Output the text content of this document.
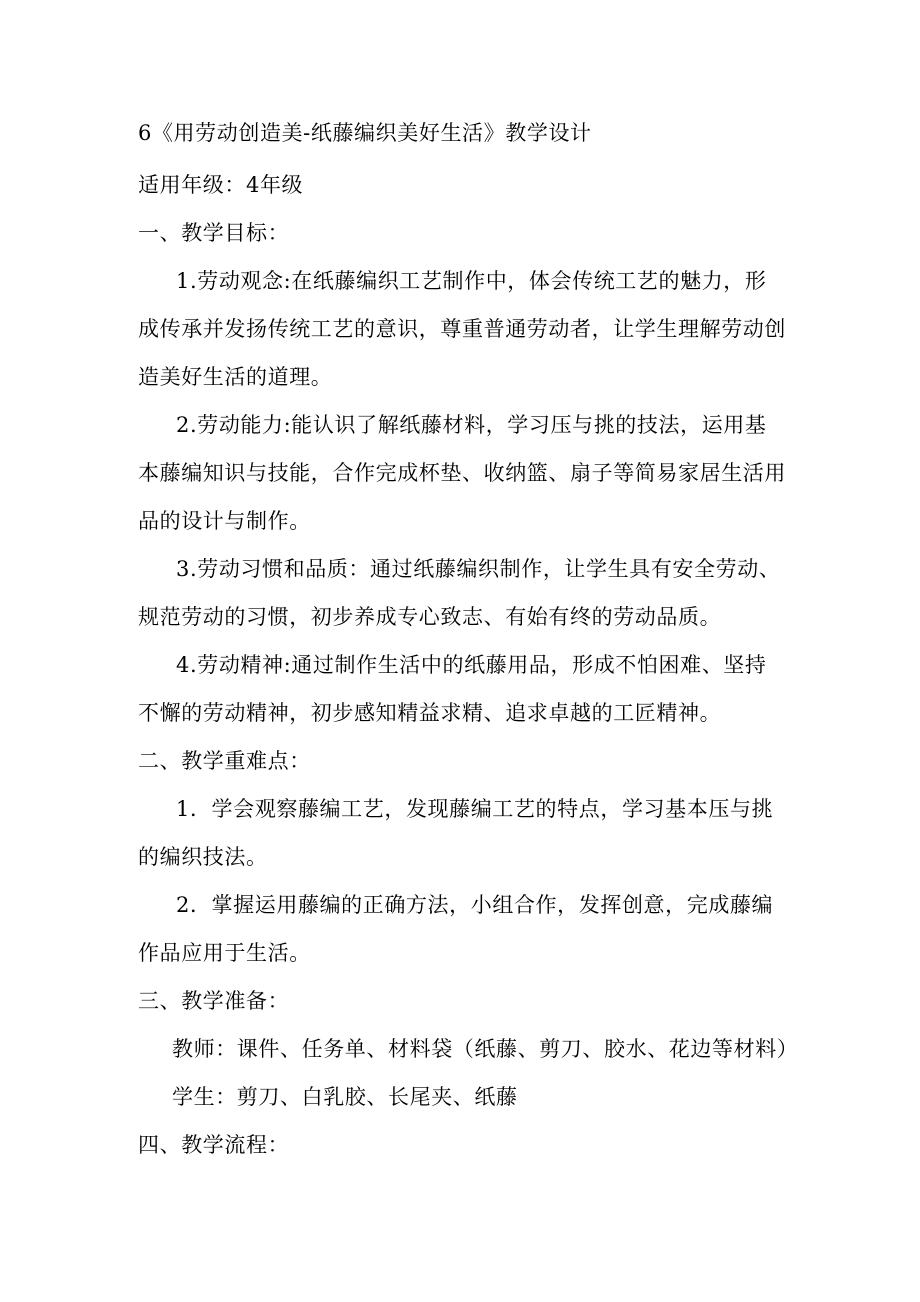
6《用劳动创造美-纸藤编织美好生活》教学设计
适用年级：4年级
一、教学目标：
1.劳动观念:在纸藤编织工艺制作中，体会传统工艺的魅力，形
成传承并发扬传统工艺的意识，尊重普通劳动者，让学生理解劳动创
造美好生活的道理。
2.劳动能力:能认识了解纸藤材料，学习压与挑的技法，运用基
本藤编知识与技能，合作完成杯垫、收纳篮、扇子等简易家居生活用
品的设计与制作。
3.劳动习惯和品质：通过纸藤编织制作，让学生具有安全劳动、
规范劳动的习惯，初步养成专心致志、有始有终的劳动品质。
4.劳动精神:通过制作生活中的纸藤用品，形成不怕困难、坚持
不懈的劳动精神，初步感知精益求精、追求卓越的工匠精神。
二、教学重难点：
1．学会观察藤编工艺，发现藤编工艺的特点，学习基本压与挑
的编织技法。
2．掌握运用藤编的正确方法，小组合作，发挥创意，完成藤编
作品应用于生活。
三、教学准备：
教师：课件、任务单、材料袋（纸藤、剪刀、胶水、花边等材料）
学生：剪刀、白乳胶、长尾夹、纸藤
四、教学流程：
